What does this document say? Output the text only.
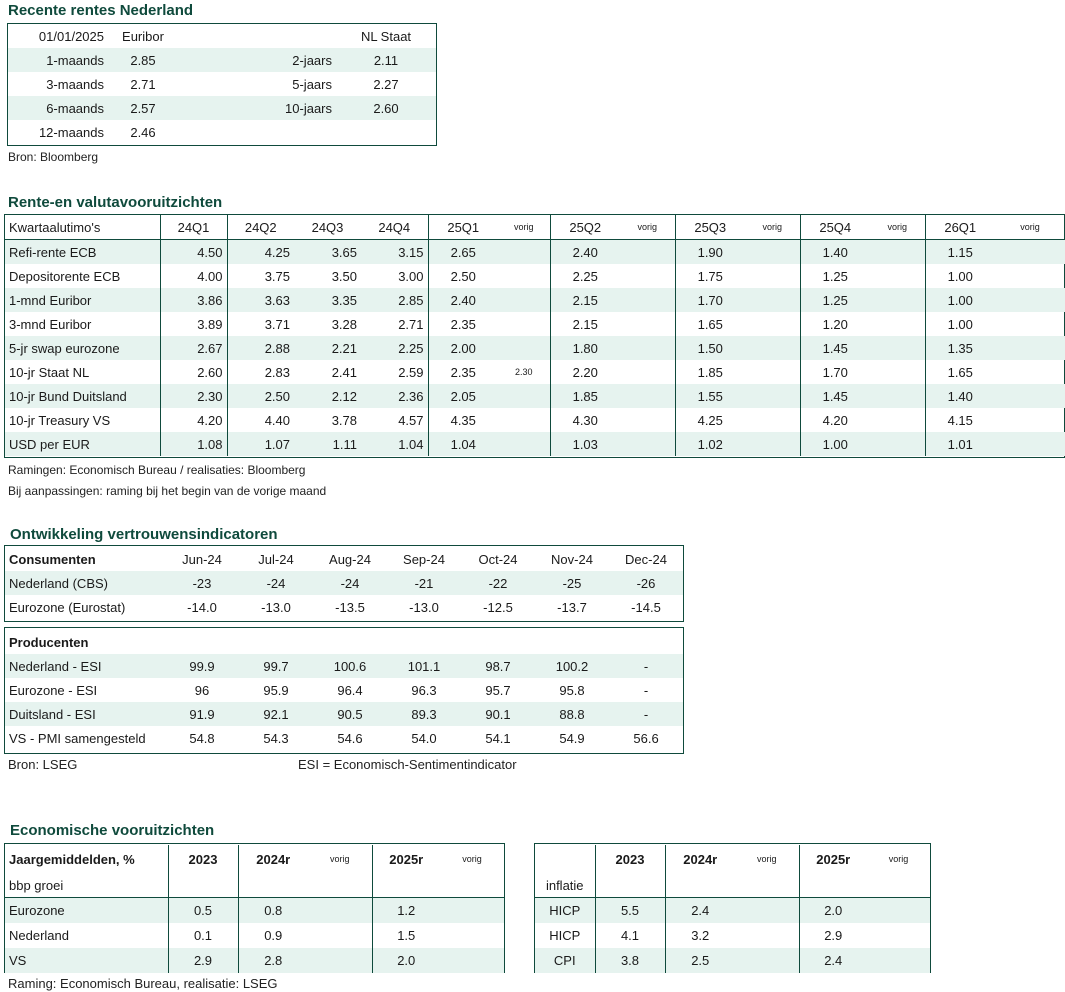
Recente rentes Nederland
01/01/2025	Euribor		NL Staat
1-maands	2.85	2-jaars	2.11
3-maands	2.71	5-jaars	2.27
6-maands	2.57	10-jaars	2.60
12-maands	2.46		
Bron: Bloomberg
Rente-en valutavooruitzichten
Kwartaalutimo's	24Q1	24Q2	24Q3	24Q4	25Q1	vorig	25Q2	vorig	25Q3	vorig	25Q4	vorig	26Q1	vorig
Refi-rente ECB	4.50	4.25	3.65	3.15	2.65		2.40		1.90		1.40		1.15	
Depositorente ECB	4.00	3.75	3.50	3.00	2.50		2.25		1.75		1.25		1.00	
1-mnd Euribor	3.86	3.63	3.35	2.85	2.40		2.15		1.70		1.25		1.00	
3-mnd Euribor	3.89	3.71	3.28	2.71	2.35		2.15		1.65		1.20		1.00	
5-jr swap eurozone	2.67	2.88	2.21	2.25	2.00		1.80		1.50		1.45		1.35	
10-jr Staat NL	2.60	2.83	2.41	2.59	2.35	2.30	2.20		1.85		1.70		1.65	
10-jr Bund Duitsland	2.30	2.50	2.12	2.36	2.05		1.85		1.55		1.45		1.40	
10-jr Treasury VS	4.20	4.40	3.78	4.57	4.35		4.30		4.25		4.20		4.15	
USD per EUR	1.08	1.07	1.11	1.04	1.04		1.03		1.02		1.00		1.01	
Ramingen: Economisch Bureau / realisaties: Bloomberg
Bij aanpassingen: raming bij het begin van de vorige maand
Ontwikkeling vertrouwensindicatoren
Consumenten	Jun-24	Jul-24	Aug-24	Sep-24	Oct-24	Nov-24	Dec-24
Nederland (CBS)	-23	-24	-24	-21	-22	-25	-26
Eurozone (Eurostat)	-14.0	-13.0	-13.5	-13.0	-12.5	-13.7	-14.5
Producenten							
Nederland - ESI	99.9	99.7	100.6	101.1	98.7	100.2	-
Eurozone - ESI	96	95.9	96.4	96.3	95.7	95.8	-
Duitsland - ESI	91.9	92.1	90.5	89.3	90.1	88.8	-
VS - PMI samengesteld	54.8	54.3	54.6	54.0	54.1	54.9	56.6
Bron: LSEG	ESI = Economisch-Sentimentindicator
Economische vooruitzichten
Jaargemiddelden, %	2023	2024r	vorig	2025r	vorig
bbp groei					
Eurozone	0.5	0.8		1.2	
Nederland	0.1	0.9		1.5	
VS	2.9	2.8		2.0	
	2023	2024r	vorig	2025r	vorig
inflatie					
HICP	5.5	2.4		2.0	
HICP	4.1	3.2		2.9	
CPI	3.8	2.5		2.4	
Raming: Economisch Bureau, realisatie: LSEG
